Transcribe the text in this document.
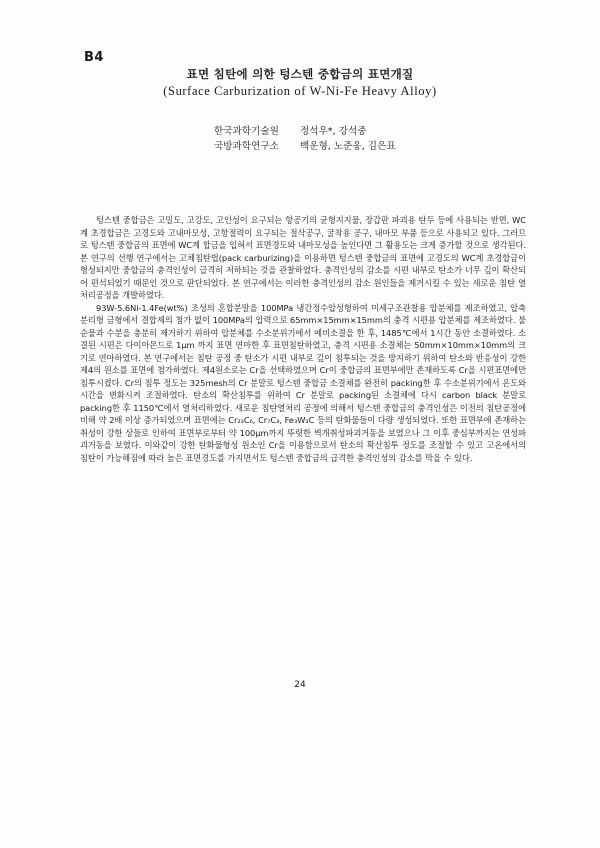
B4
표면 침탄에 의한 텅스텐 중합금의 표면개질
(Surface Carburization of W-Ni-Fe Heavy Alloy)
한국과학기술원 정석우*, 강석중
국방과학연구소 백운형, 노준웅, 김은표

텅스텐 중합금은 고밀도, 고강도, 고인성이 요구되는 항공기의 균형지지물, 장갑판 파괴용 탄두 등에 사용되는 반면, WC계 초경합금은 고경도와 고내마모성, 고항절력이 요구되는 절삭공구, 굴착용 공구, 내마모 부품 등으로 사용되고 있다. 그러므로 텅스텐 중합금의 표면에 WC계 합금을 입혀서 표면경도와 내마모성을 높인다면 그 활용도는 크게 증가할 것으로 생각된다. 본 연구의 선행 연구에서는 고체침탄법(pack carburizing)을 이용하면 텅스텐 중합금의 표면에 고경도의 WC계 초경합금이 형성되지만 중합금의 충격인성이 급격히 저하되는 것을 관찰하였다. 충격인성의 감소를 시편 내부로 탄소가 너무 깊이 확산되어 편석되었기 때문인 것으로 판단되었다. 본 연구에서는 이러한 충격인성의 감소 원인들을 제거시킬 수 있는 새로운 침탄 열처리공정을 개발하였다.

93W-5.6Ni-1.4Fe(wt%) 조성의 혼합분말을 100MPa 냉간정수압성형하여 미세구조관찰용 압분체를 제조하였고, 압축 분리형 금형에서 결합제의 첨가 없이 100MPa의 압력으로 65mm×15mm×15mm의 충격 시편용 압분체를 제조하였다. 불순물과 수분을 충분히 제거하기 위하여 압분체를 수소분위기에서 예비소결을 한 후, 1485℃에서 1시간 동안 소결하였다. 소결된 시편은 다이아몬드로 1μm 까지 표면 연마한 후 표면침탄하였고, 충격 시편용 소결체는 50mm×10mm×10mm의 크기로 연마하였다. 본 연구에서는 침탄 공정 중 탄소가 시편 내부로 깊이 침투되는 것을 방지하기 위하여 탄소와 반응성이 강한 제4의 원소를 표면에 첨가하였다. 제4원소로는 Cr을 선택하였으며 Cr이 중합금의 표면부에만 존재하도록 Cr을 시편표면에만 침투시켰다. Cr의 침투 정도는 325mesh의 Cr 분말로 텅스텐 중합금 소결체를 완전히 packing한 후 수소분위기에서 온도와 시간을 변화시켜 조절하였다. 탄소의 확산침투를 위하여 Cr 분말로 packing된 소결체에 다시 carbon black 분말로 packing한 후 1150℃에서 열처리하였다. 새로운 침탄열처리 공정에 의해서 텅스텐 중합금의 충격인성은 이전의 침탄공정에 비해 약 2배 이상 증가되었으며 표면에는 Cr₂₃C₆, Cr₇C₃, Fe₃W₃C 등의 탄화물들이 다량 생성되었다. 또한 표면부에 존재하는 취성이 강한 상들로 인하여 표면부로부터 약 100μm까지 뚜렷한 벽개취성파괴거동을 보였으나 그 이후 중심부까지는 연성파괴거동을 보였다. 이와같이 강한 탄화물형성 원소인 Cr을 이용함으로서 탄소의 확산침투 정도를 조절할 수 있고 고온에서의 침탄이 가능해짐에 따라 높은 표면경도를 가지면서도 텅스텐 중합금의 급격한 충격인성의 감소를 막을 수 있다.

24
